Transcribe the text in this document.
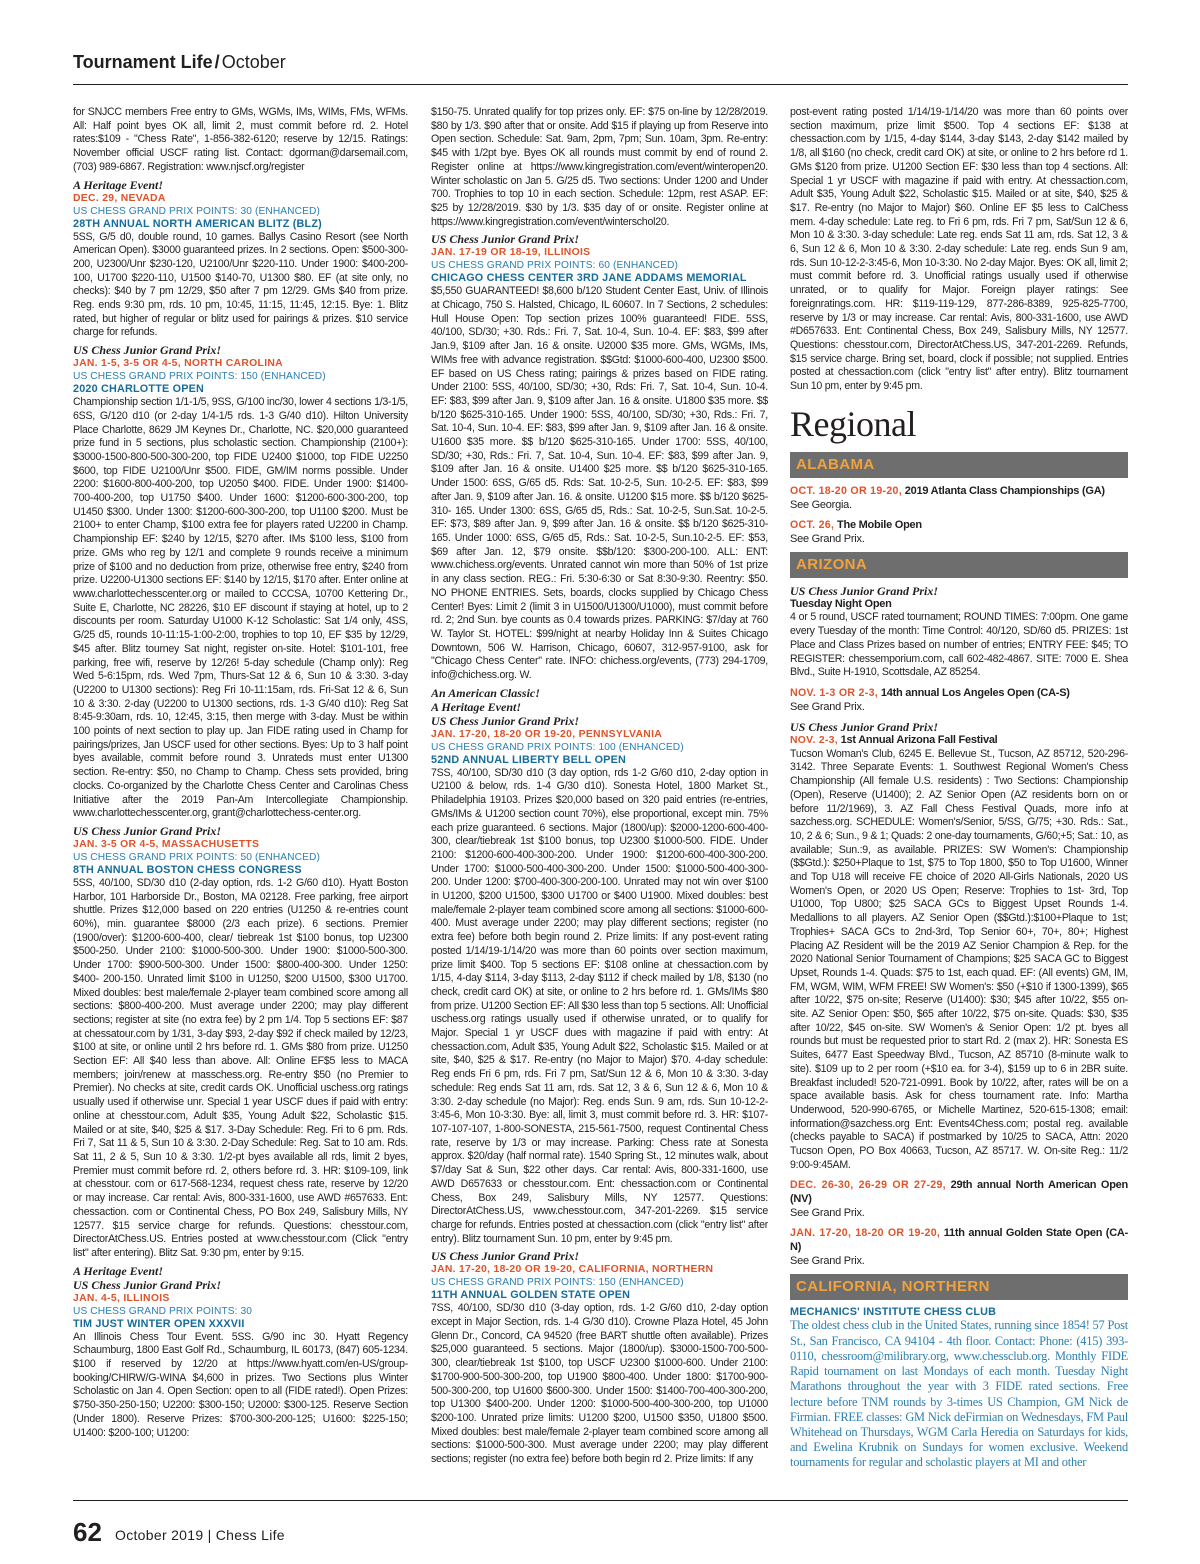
Tournament Life / October

for SNJCC members Free entry to GMs, WGMs, IMs, WIMs, FMs, WFMs. All: Half point byes OK all, limit 2, must commit before rd. 2. Hotel rates:$109 - "Chess Rate", 1-856-382-6120; reserve by 12/15. Ratings: November official USCF rating list. Contact: dgorman@darsemail.com, (703) 989-6867. Registration: www.njscf.org/register

A Heritage Event!
DEC. 29, NEVADA
US CHESS GRAND PRIX POINTS: 30 (ENHANCED)
28TH ANNUAL NORTH AMERICAN BLITZ (BLZ)

5SS, G/5 d0, double round, 10 games. Ballys Casino Resort (see North American Open). $3000 guaranteed prizes. In 2 sections. Open: $500-300-200, U2300/Unr $230-120, U2100/Unr $220-110. Under 1900: $400-200-100, U1700 $220-110, U1500 $140-70, U1300 $80. EF (at site only, no checks): $40 by 7 pm 12/29, $50 after 7 pm 12/29. GMs $40 from prize. Reg. ends 9:30 pm, rds. 10 pm, 10:45, 11:15, 11:45, 12:15. Bye: 1. Blitz rated, but higher of regular or blitz used for pairings & prizes. $10 service charge for refunds.

US Chess Junior Grand Prix!
JAN. 1-5, 3-5 OR 4-5, NORTH CAROLINA
US CHESS GRAND PRIX POINTS: 150 (ENHANCED)
2020 CHARLOTTE OPEN

Championship section 1/1-1/5, 9SS, G/100 inc/30, lower 4 sections 1/3-1/5, 6SS, G/120 d10 (or 2-day 1/4-1/5 rds. 1-3 G/40 d10). Hilton University Place Charlotte, 8629 JM Keynes Dr., Charlotte, NC. $20,000 guaranteed prize fund in 5 sections, plus scholastic section. Championship (2100+): $3000-1500-800-500-300-200, top FIDE U2400 $1000, top FIDE U2250 $600, top FIDE U2100/Unr $500. FIDE, GM/IM norms possible. Under 2200: $1600-800-400-200, top U2050 $400. FIDE. Under 1900: $1400-700-400-200, top U1750 $400. Under 1600: $1200-600-300-200, top U1450 $300. Under 1300: $1200-600-300-200, top U1100 $200. Must be 2100+ to enter Champ, $100 extra fee for players rated U2200 in Champ. Championship EF: $240 by 12/15, $270 after. IMs $100 less, $100 from prize. GMs who reg by 12/1 and complete 9 rounds receive a minimum prize of $100 and no deduction from prize, otherwise free entry, $240 from prize. U2200-U1300 sections EF: $140 by 12/15, $170 after. Enter online at www.charlottechesscenter.org or mailed to CCCSA, 10700 Kettering Dr., Suite E, Charlotte, NC 28226, $10 EF discount if staying at hotel, up to 2 discounts per room. Saturday U1000 K-12 Scholastic: Sat 1/4 only, 4SS, G/25 d5, rounds 10-11:15-1:00-2:00, trophies to top 10, EF $35 by 12/29, $45 after. Blitz tourney Sat night, register on-site. Hotel: $101-101, free parking, free wifi, reserve by 12/26! 5-day schedule (Champ only): Reg Wed 5-6:15pm, rds. Wed 7pm, Thurs-Sat 12 & 6, Sun 10 & 3:30. 3-day (U2200 to U1300 sections): Reg Fri 10-11:15am, rds. Fri-Sat 12 & 6, Sun 10 & 3:30. 2-day (U2200 to U1300 sections, rds. 1-3 G/40 d10): Reg Sat 8:45-9:30am, rds. 10, 12:45, 3:15, then merge with 3-day. Must be within 100 points of next section to play up. Jan FIDE rating used in Champ for pairings/prizes, Jan USCF used for other sections. Byes: Up to 3 half point byes available, commit before round 3. Unrateds must enter U1300 section. Re-entry: $50, no Champ to Champ. Chess sets provided, bring clocks. Co-organized by the Charlotte Chess Center and Carolinas Chess Initiative after the 2019 Pan-Am Intercollegiate Championship. www.charlottechesscenter.org, grant@charlottechess-center.org.

US Chess Junior Grand Prix!
JAN. 3-5 OR 4-5, MASSACHUSETTS
US CHESS GRAND PRIX POINTS: 50 (ENHANCED)
8TH ANNUAL BOSTON CHESS CONGRESS

5SS, 40/100, SD/30 d10 (2-day option, rds. 1-2 G/60 d10). Hyatt Boston Harbor, 101 Harborside Dr., Boston, MA 02128. Free parking, free airport shuttle. Prizes $12,000 based on 220 entries (U1250 & re-entries count 60%), min. guarantee $8000 (2/3 each prize). 6 sections. Premier (1900/over): $1200-600-400, clear/ tiebreak 1st $100 bonus, top U2300 $500-250. Under 2100: $1000-500-300. Under 1900: $1000-500-300. Under 1700: $900-500-300. Under 1500: $800-400-300. Under 1250: $400- 200-150. Unrated limit $100 in U1250, $200 U1500, $300 U1700. Mixed doubles: best male/female 2-player team combined score among all sections: $800-400-200. Must average under 2200; may play different sections; register at site (no extra fee) by 2 pm 1/4. Top 5 sections EF: $87 at chessatour.com by 1/31, 3-day $93, 2-day $92 if check mailed by 12/23, $100 at site, or online until 2 hrs before rd. 1. GMs $80 from prize. U1250 Section EF: All $40 less than above. All: Online EF$5 less to MACA members; join/renew at masschess.org. Re-entry $50 (no Premier to Premier). No checks at site, credit cards OK. Unofficial uschess.org ratings usually used if otherwise unr. Special 1 year USCF dues if paid with entry: online at chesstour.com, Adult $35, Young Adult $22, Scholastic $15. Mailed or at site, $40, $25 & $17. 3-Day Schedule: Reg. Fri to 6 pm. Rds. Fri 7, Sat 11 & 5, Sun 10 & 3:30. 2-Day Schedule: Reg. Sat to 10 am. Rds. Sat 11, 2 & 5, Sun 10 & 3:30. 1/2-pt byes available all rds, limit 2 byes, Premier must commit before rd. 2, others before rd. 3. HR: $109-109, link at chesstour. com or 617-568-1234, request chess rate, reserve by 12/20 or may increase. Car rental: Avis, 800-331-1600, use AWD #657633. Ent: chessaction. com or Continental Chess, PO Box 249, Salisbury Mills, NY 12577. $15 service charge for refunds. Questions: chesstour.com, DirectorAtChess.US. Entries posted at www.chesstour.com (Click "entry list" after entering). Blitz Sat. 9:30 pm, enter by 9:15.

A Heritage Event!
US Chess Junior Grand Prix!
JAN. 4-5, ILLINOIS
US CHESS GRAND PRIX POINTS: 30
TIM JUST WINTER OPEN XXXVII

An Illinois Chess Tour Event. 5SS. G/90 inc 30. Hyatt Regency Schaumburg, 1800 East Golf Rd., Schaumburg, IL 60173, (847) 605-1234. $100 if reserved by 12/20 at https://www.hyatt.com/en-US/group-booking/CHIRW/G-WINA $4,600 in prizes. Two Sections plus Winter Scholastic on Jan 4. Open Section: open to all (FIDE rated!). Open Prizes: $750-350-250-150; U2200: $300-150; U2000: $300-125. Reserve Section (Under 1800). Reserve Prizes: $700-300-200-125; U1600: $225-150; U1400: $200-100; U1200:

$150-75. Unrated qualify for top prizes only. EF: $75 on-line by 12/28/2019. $80 by 1/3. $90 after that or onsite. Add $15 if playing up from Reserve into Open section. Schedule: Sat. 9am, 2pm, 7pm; Sun. 10am, 3pm. Re-entry: $45 with 1/2pt bye. Byes OK all rounds must commit by end of round 2. Register online at https://www.kingregistration.com/event/winteropen20. Winter scholastic on Jan 5. G/25 d5. Two sections: Under 1200 and Under 700. Trophies to top 10 in each section. Schedule: 12pm, rest ASAP. EF: $25 by 12/28/2019. $30 by 1/3. $35 day of or onsite. Register online at https://www.kingregistration.com/event/winterschol20.

US Chess Junior Grand Prix!
JAN. 17-19 OR 18-19, ILLINOIS
US CHESS GRAND PRIX POINTS: 60 (ENHANCED)
CHICAGO CHESS CENTER 3RD JANE ADDAMS MEMORIAL

$5,550 GUARANTEED! $8,600 b/120 Student Center East, Univ. of Illinois at Chicago, 750 S. Halsted, Chicago, IL 60607. In 7 Sections, 2 schedules: Hull House Open: Top section prizes 100% guaranteed! FIDE. 5SS, 40/100, SD/30; +30. Rds.: Fri. 7, Sat. 10-4, Sun. 10-4. EF: $83, $99 after Jan.9, $109 after Jan. 16 & onsite. U2000 $35 more. GMs, WGMs, IMs, WIMs free with advance registration. $$Gtd: $1000-600-400, U2300 $500. EF based on US Chess rating; pairings & prizes based on FIDE rating. Under 2100: 5SS, 40/100, SD/30; +30, Rds: Fri. 7, Sat. 10-4, Sun. 10-4. EF: $83, $99 after Jan. 9, $109 after Jan. 16 & onsite. U1800 $35 more. $$ b/120 $625-310-165. Under 1900: 5SS, 40/100, SD/30; +30, Rds.: Fri. 7, Sat. 10-4, Sun. 10-4. EF: $83, $99 after Jan. 9, $109 after Jan. 16 & onsite. U1600 $35 more. $$ b/120 $625-310-165. Under 1700: 5SS, 40/100, SD/30; +30, Rds.: Fri. 7, Sat. 10-4, Sun. 10-4. EF: $83, $99 after Jan. 9, $109 after Jan. 16 & onsite. U1400 $25 more. $$ b/120 $625-310-165. Under 1500: 6SS, G/65 d5. Rds: Sat. 10-2-5, Sun. 10-2-5. EF: $83, $99 after Jan. 9, $109 after Jan. 16. & onsite. U1200 $15 more. $$ b/120 $625-310- 165. Under 1300: 6SS, G/65 d5, Rds.: Sat. 10-2-5, Sun.Sat. 10-2-5. EF: $73, $89 after Jan. 9, $99 after Jan. 16 & onsite. $$ b/120 $625-310-165. Under 1000: 6SS, G/65 d5, Rds.: Sat. 10-2-5, Sun.10-2-5. EF: $53, $69 after Jan. 12, $79 onsite. $$b/120: $300-200-100. ALL: ENT: www.chichess.org/events. Unrated cannot win more than 50% of 1st prize in any class section. REG.: Fri. 5:30-6:30 or Sat 8:30-9:30. Reentry: $50. NO PHONE ENTRIES. Sets, boards, clocks supplied by Chicago Chess Center! Byes: Limit 2 (limit 3 in U1500/U1300/U1000), must commit before rd. 2; 2nd Sun. bye counts as 0.4 towards prizes. PARKING: $7/day at 760 W. Taylor St. HOTEL: $99/night at nearby Holiday Inn & Suites Chicago Downtown, 506 W. Harrison, Chicago, 60607, 312-957-9100, ask for "Chicago Chess Center" rate. INFO: chichess.org/events, (773) 294-1709, info@chichess.org. W.

An American Classic!
A Heritage Event!
US Chess Junior Grand Prix!
JAN. 17-20, 18-20 OR 19-20, PENNSYLVANIA
US CHESS GRAND PRIX POINTS: 100 (ENHANCED)
52ND ANNUAL LIBERTY BELL OPEN

7SS, 40/100, SD/30 d10 (3 day option, rds 1-2 G/60 d10, 2-day option in U2100 & below, rds. 1-4 G/30 d10). Sonesta Hotel, 1800 Market St., Philadelphia 19103. Prizes $20,000 based on 320 paid entries (re-entries, GMs/IMs & U1200 section count 70%), else proportional, except min. 75% each prize guaranteed. 6 sections. Major (1800/up): $2000-1200-600-400-300, clear/tiebreak 1st $100 bonus, top U2300 $1000-500. FIDE. Under 2100: $1200-600-400-300-200. Under 1900: $1200-600-400-300-200. Under 1700: $1000-500-400-300-200. Under 1500: $1000-500-400-300-200. Under 1200: $700-400-300-200-100. Unrated may not win over $100 in U1200, $200 U1500, $300 U1700 or $400 U1900. Mixed doubles: best male/female 2-player team combined score among all sections: $1000-600-400. Must average under 2200; may play different sections; register (no extra fee) before both begin round 2. Prize limits: If any post-event rating posted 1/14/19-1/14/20 was more than 60 points over section maximum, prize limit $400. Top 5 sections EF: $108 online at chessaction.com by 1/15, 4-day $114, 3-day $113, 2-day $112 if check mailed by 1/8, $130 (no check, credit card OK) at site, or online to 2 hrs before rd. 1. GMs/IMs $80 from prize. U1200 Section EF: All $30 less than top 5 sections. All: Unofficial uschess.org ratings usually used if otherwise unrated, or to qualify for Major. Special 1 yr USCF dues with magazine if paid with entry: At chessaction.com, Adult $35, Young Adult $22, Scholastic $15. Mailed or at site, $40, $25 & $17. Re-entry (no Major to Major) $70. 4-day schedule: Reg ends Fri 6 pm, rds. Fri 7 pm, Sat/Sun 12 & 6, Mon 10 & 3:30. 3-day schedule: Reg ends Sat 11 am, rds. Sat 12, 3 & 6, Sun 12 & 6, Mon 10 & 3:30. 2-day schedule (no Major): Reg. ends Sun. 9 am, rds. Sun 10-12-2-3:45-6, Mon 10-3:30. Bye: all, limit 3, must commit before rd. 3. HR: $107-107-107-107, 1-800-SONESTA, 215-561-7500, request Continental Chess rate, reserve by 1/3 or may increase. Parking: Chess rate at Sonesta approx. $20/day (half normal rate). 1540 Spring St., 12 minutes walk, about $7/day Sat & Sun, $22 other days. Car rental: Avis, 800-331-1600, use AWD D657633 or chesstour.com. Ent: chessaction.com or Continental Chess, Box 249, Salisbury Mills, NY 12577. Questions: DirectorAtChess.US, www.chesstour.com, 347-201-2269. $15 service charge for refunds. Entries posted at chessaction.com (click "entry list" after entry). Blitz tournament Sun. 10 pm, enter by 9:45 pm.

US Chess Junior Grand Prix!
JAN. 17-20, 18-20 OR 19-20, CALIFORNIA, NORTHERN
US CHESS GRAND PRIX POINTS: 150 (ENHANCED)
11TH ANNUAL GOLDEN STATE OPEN

7SS, 40/100, SD/30 d10 (3-day option, rds. 1-2 G/60 d10, 2-day option except in Major Section, rds. 1-4 G/30 d10). Crowne Plaza Hotel, 45 John Glenn Dr., Concord, CA 94520 (free BART shuttle often available). Prizes $25,000 guaranteed. 5 sections. Major (1800/up). $3000-1500-700-500-300, clear/tiebreak 1st $100, top USCF U2300 $1000-600. Under 2100: $1700-900-500-300-200, top U1900 $800-400. Under 1800: $1700-900-500-300-200, top U1600 $600-300. Under 1500: $1400-700-400-300-200, top U1300 $400-200. Under 1200: $1000-500-400-300-200, top U1000 $200-100. Unrated prize limits: U1200 $200, U1500 $350, U1800 $500. Mixed doubles: best male/female 2-player team combined score among all sections: $1000-500-300. Must average under 2200; may play different sections; register (no extra fee) before both begin rd 2. Prize limits: If any

post-event rating posted 1/14/19-1/14/20 was more than 60 points over section maximum, prize limit $500. Top 4 sections EF: $138 at chessaction.com by 1/15, 4-day $144, 3-day $143, 2-day $142 mailed by 1/8, all $160 (no check, credit card OK) at site, or online to 2 hrs before rd 1. GMs $120 from prize. U1200 Section EF: $30 less than top 4 sections. All: Special 1 yr USCF with magazine if paid with entry. At chessaction.com, Adult $35, Young Adult $22, Scholastic $15. Mailed or at site, $40, $25 & $17. Re-entry (no Major to Major) $60. Online EF $5 less to CalChess mem. 4-day schedule: Late reg. to Fri 6 pm, rds. Fri 7 pm, Sat/Sun 12 & 6, Mon 10 & 3:30. 3-day schedule: Late reg. ends Sat 11 am, rds. Sat 12, 3 & 6, Sun 12 & 6, Mon 10 & 3:30. 2-day schedule: Late reg. ends Sun 9 am, rds. Sun 10-12-2-3:45-6, Mon 10-3:30. No 2-day Major. Byes: OK all, limit 2; must commit before rd. 3. Unofficial ratings usually used if otherwise unrated, or to qualify for Major. Foreign player ratings: See foreignratings.com. HR: $119-119-129, 877-286-8389, 925-825-7700, reserve by 1/3 or may increase. Car rental: Avis, 800-331-1600, use AWD #D657633. Ent: Continental Chess, Box 249, Salisbury Mills, NY 12577. Questions: chesstour.com, DirectorAtChess.US, 347-201-2269. Refunds, $15 service charge. Bring set, board, clock if possible; not supplied. Entries posted at chessaction.com (click "entry list" after entry). Blitz tournament Sun 10 pm, enter by 9:45 pm.

Regional
ALABAMA
OCT. 18-20 OR 19-20, 2019 Atlanta Class Championships (GA)
See Georgia.
OCT. 26, The Mobile Open
See Grand Prix.
ARIZONA
US Chess Junior Grand Prix!
Tuesday Night Open

4 or 5 round, USCF rated tournament; ROUND TIMES: 7:00pm. One game every Tuesday of the month: Time Control: 40/120, SD/60 d5. PRIZES: 1st Place and Class Prizes based on number of entries; ENTRY FEE: $45; TO REGISTER: chessemporium.com, call 602-482-4867. SITE: 7000 E. Shea Blvd., Suite H-1910, Scottsdale, AZ 85254.

NOV. 1-3 OR 2-3, 14th annual Los Angeles Open (CA-S)
See Grand Prix.
US Chess Junior Grand Prix!
NOV. 2-3, 1st Annual Arizona Fall Festival

Tucson Woman's Club, 6245 E. Bellevue St., Tucson, AZ 85712, 520-296-3142. Three Separate Events: 1. Southwest Regional Women's Chess Championship (All female U.S. residents) : Two Sections: Championship (Open), Reserve (U1400); 2. AZ Senior Open (AZ residents born on or before 11/2/1969), 3. AZ Fall Chess Festival Quads, more info at sazchess.org. SCHEDULE: Women's/Senior, 5/SS, G/75; +30. Rds.: Sat., 10, 2 & 6; Sun., 9 & 1; Quads: 2 one-day tournaments, G/60;+5; Sat.: 10, as available; Sun.:9, as available. PRIZES: SW Women's: Championship ($$Gtd.): $250+Plaque to 1st, $75 to Top 1800, $50 to Top U1600, Winner and Top U18 will receive FE choice of 2020 All-Girls Nationals, 2020 US Women's Open, or 2020 US Open; Reserve: Trophies to 1st- 3rd, Top U1000, Top U800; $25 SACA GCs to Biggest Upset Rounds 1-4. Medallions to all players. AZ Senior Open ($$Gtd.):$100+Plaque to 1st; Trophies+ SACA GCs to 2nd-3rd, Top Senior 60+, 70+, 80+; Highest Placing AZ Resident will be the 2019 AZ Senior Champion & Rep. for the 2020 National Senior Tournament of Champions; $25 SACA GC to Biggest Upset, Rounds 1-4. Quads: $75 to 1st, each quad. EF: (All events) GM, IM, FM, WGM, WIM, WFM FREE! SW Women's: $50 (+$10 if 1300-1399), $65 after 10/22, $75 on-site; Reserve (U1400): $30; $45 after 10/22, $55 on-site. AZ Senior Open: $50, $65 after 10/22, $75 on-site. Quads: $30, $35 after 10/22, $45 on-site. SW Women's & Senior Open: 1/2 pt. byes all rounds but must be requested prior to start Rd. 2 (max 2). HR: Sonesta ES Suites, 6477 East Speedway Blvd., Tucson, AZ 85710 (8-minute walk to site). $109 up to 2 per room (+$10 ea. for 3-4), $159 up to 6 in 2BR suite. Breakfast included! 520-721-0991. Book by 10/22, after, rates will be on a space available basis. Ask for chess tournament rate. Info: Martha Underwood, 520-990-6765, or Michelle Martinez, 520-615-1308; email: information@sazchess.org Ent: Events4Chess.com; postal reg. available (checks payable to SACA) if postmarked by 10/25 to SACA, Attn: 2020 Tucson Open, PO Box 40663, Tucson, AZ 85717. W. On-site Reg.: 11/2 9:00-9:45AM.

DEC. 26-30, 26-29 OR 27-29, 29th annual North American Open (NV)
See Grand Prix.
JAN. 17-20, 18-20 OR 19-20, 11th annual Golden State Open (CA-N)
See Grand Prix.
CALIFORNIA, NORTHERN
MECHANICS' INSTITUTE CHESS CLUB

The oldest chess club in the United States, running since 1854! 57 Post St., San Francisco, CA 94104 - 4th floor. Contact: Phone: (415) 393-0110, chessroom@milibrary.org, www.chessclub.org. Monthly FIDE Rapid tournament on last Mondays of each month. Tuesday Night Marathons throughout the year with 3 FIDE rated sections. Free lecture before TNM rounds by 3-times US Champion, GM Nick de Firmian. FREE classes: GM Nick deFirmian on Wednesdays, FM Paul Whitehead on Thursdays, WGM Carla Heredia on Saturdays for kids, and Ewelina Krubnik on Sundays for women exclusive. Weekend tournaments for regular and scholastic players at MI and other

62 October 2019 | Chess Life
